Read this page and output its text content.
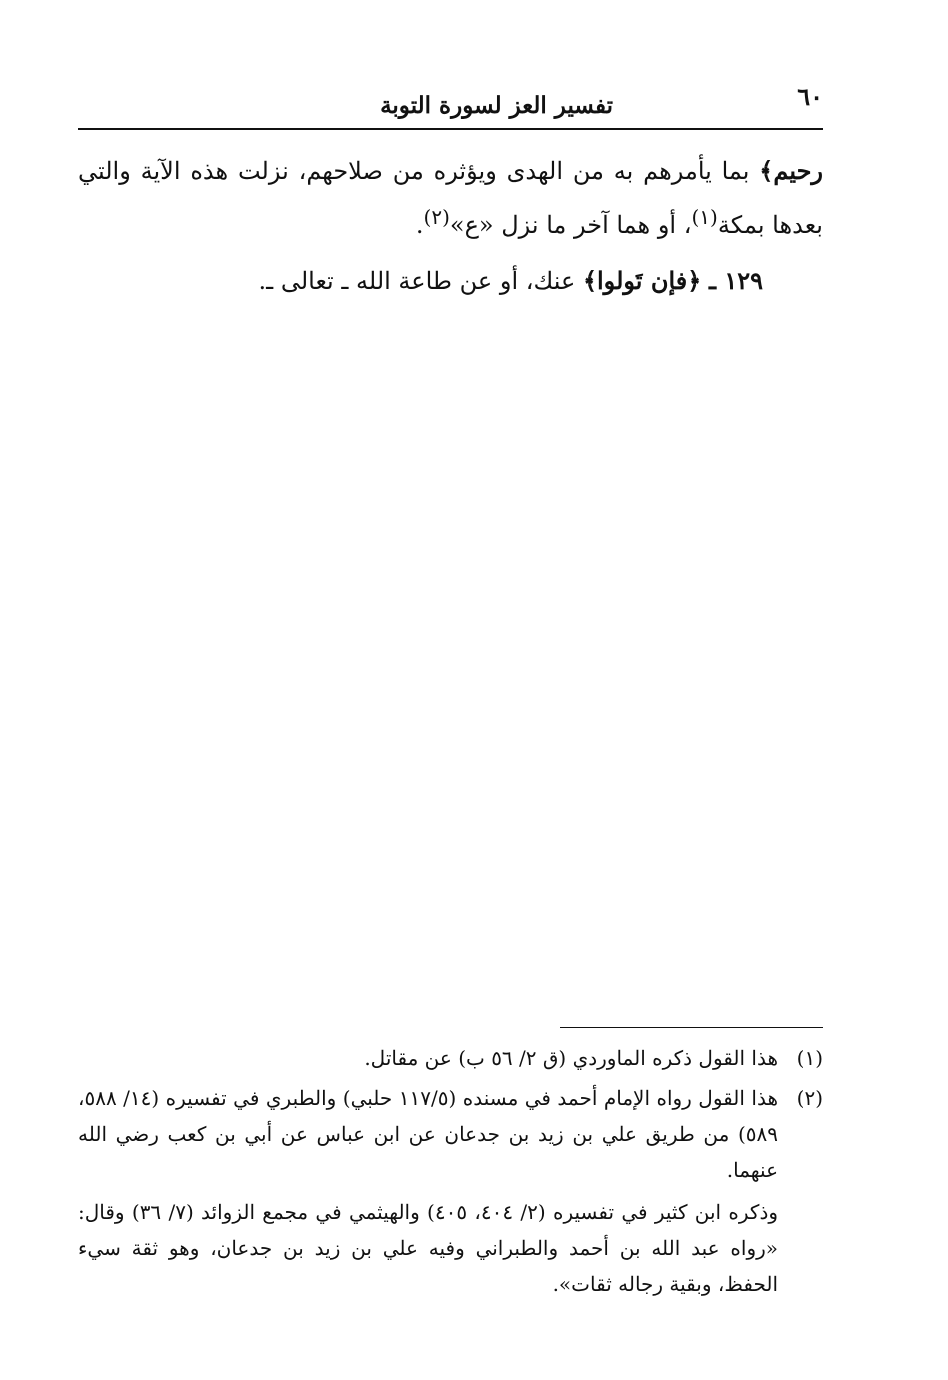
٦٠
تفسير العز لسورة التوبة

رحيم﴾ بما يأمرهم به من الهدى ويؤثره من صلاحهم، نزلت هذه الآية والتي بعدها بمكة$^{(١)}$، أو هما آخر ما نزل «ع»$^{(٢)}$.

١٢٩ ـ ﴿فإن تَولوا﴾ عنك، أو عن طاعة الله ـ تعالى ـ.

(١)
هذا القول ذكره الماوردي (ق ٢/ ٥٦ ب) عن مقاتل.
(٢)
هذا القول رواه الإمام أحمد في مسنده (١١٧/٥ حلبي) والطبري في تفسيره (١٤/ ٥٨٨، ٥٨٩) من طريق علي بن زيد بن جدعان عن ابن عباس عن أبي بن كعب رضي الله عنهما.
وذكره ابن كثير في تفسيره (٢/ ٤٠٤، ٤٠٥) والهيثمي في مجمع الزوائد (٧/ ٣٦) وقال: «رواه عبد الله بن أحمد والطبراني وفيه علي بن زيد بن جدعان، وهو ثقة سيء الحفظ، وبقية رجاله ثقات».
